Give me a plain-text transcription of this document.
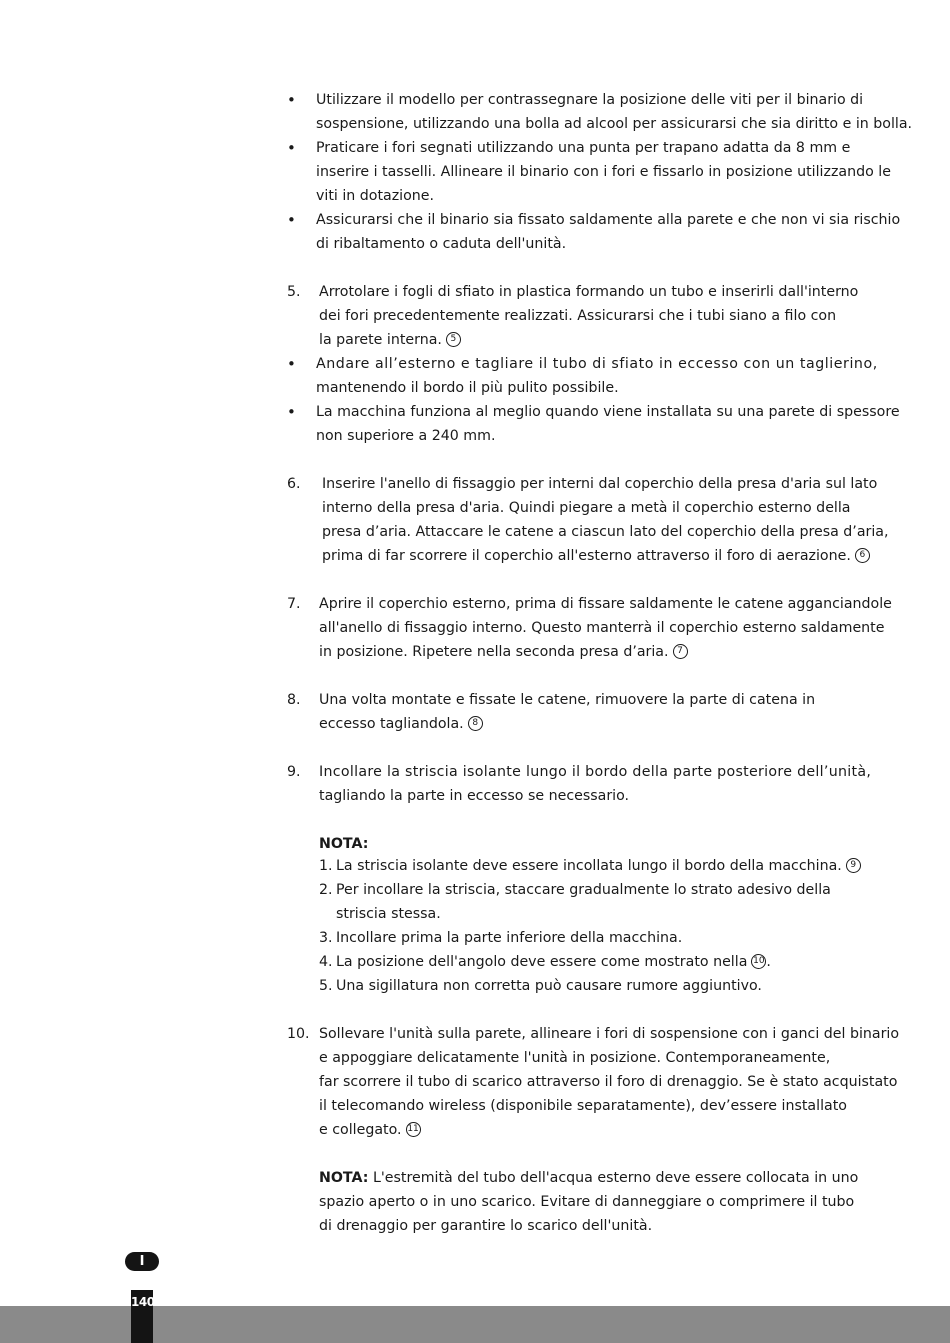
• Utilizzare il modello per contrassegnare la posizione delle viti per il binario di
sospensione, utilizzando una bolla ad alcool per assicurarsi che sia diritto e in bolla.
• Praticare i fori segnati utilizzando una punta per trapano adatta da 8 mm e
inserire i tasselli. Allineare il binario con i fori e fissarlo in posizione utilizzando le
viti in dotazione.
• Assicurarsi che il binario sia fissato saldamente alla parete e che non vi sia rischio
di ribaltamento o caduta dell'unità.
5. Arrotolare i fogli di sfiato in plastica formando un tubo e inserirli dall'interno
dei fori precedentemente realizzati. Assicurarsi che i tubi siano a filo con
la parete interna. 5
• Andare all’esterno e tagliare il tubo di sfiato in eccesso con un taglierino,
mantenendo il bordo il più pulito possibile.
• La macchina funziona al meglio quando viene installata su una parete di spessore
non superiore a 240 mm.
6. Inserire l'anello di fissaggio per interni dal coperchio della presa d'aria sul lato
interno della presa d'aria. Quindi piegare a metà il coperchio esterno della
presa d’aria. Attaccare le catene a ciascun lato del coperchio della presa d’aria,
prima di far scorrere il coperchio all'esterno attraverso il foro di aerazione. 6
7. Aprire il coperchio esterno, prima di fissare saldamente le catene agganciandole
all'anello di fissaggio interno. Questo manterrà il coperchio esterno saldamente
in posizione. Ripetere nella seconda presa d’aria. 7
8. Una volta montate e fissate le catene, rimuovere la parte di catena in
eccesso tagliandola. 8
9. Incollare la striscia isolante lungo il bordo della parte posteriore dell’unità,
tagliando la parte in eccesso se necessario.
NOTA:
1. La striscia isolante deve essere incollata lungo il bordo della macchina. 9
2. Per incollare la striscia, staccare gradualmente lo strato adesivo della
striscia stessa.
3. Incollare prima la parte inferiore della macchina.
4. La posizione dell'angolo deve essere come mostrato nella 10 .
5. Una sigillatura non corretta può causare rumore aggiuntivo.
10. Sollevare l'unità sulla parete, allineare i fori di sospensione con i ganci del binario
e appoggiare delicatamente l'unità in posizione. Contemporaneamente,
far scorrere il tubo di scarico attraverso il foro di drenaggio. Se è stato acquistato
il telecomando wireless (disponibile separatamente), dev’essere installato
e collegato. 11
NOTA: L'estremità del tubo dell'acqua esterno deve essere collocata in uno
spazio aperto o in uno scarico. Evitare di danneggiare o comprimere il tubo
di drenaggio per garantire lo scarico dell'unità.
I
140
